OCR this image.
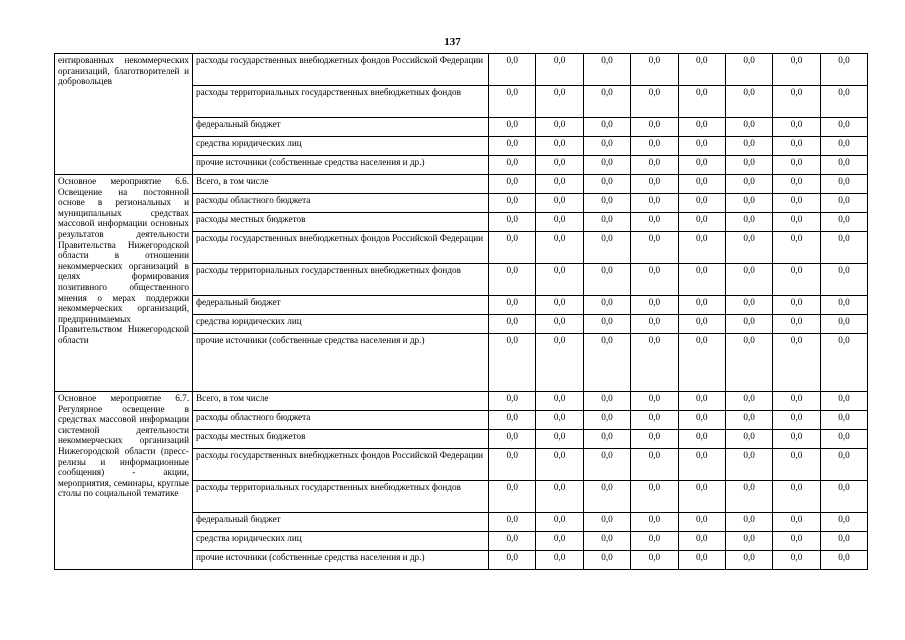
137
ентированных некоммерческих организаций, благотворителей и добровольцев	расходы государственных внебюджетных фондов Российской Федерации	0,0	0,0	0,0	0,0	0,0	0,0	0,0	0,0
	расходы территориальных государственных внебюджетных фондов	0,0	0,0	0,0	0,0	0,0	0,0	0,0	0,0
	федеральный бюджет	0,0	0,0	0,0	0,0	0,0	0,0	0,0	0,0
	средства юридических лиц	0,0	0,0	0,0	0,0	0,0	0,0	0,0	0,0
	прочие источники (собственные средства населения и др.)	0,0	0,0	0,0	0,0	0,0	0,0	0,0	0,0
Основное мероприятие 6.6. Освещение на постоянной основе в региональных и муниципальных средствах массовой информации основных результатов деятельности Правительства Нижегородской области в отношении некоммерческих организаций в целях формирования позитивного общественного мнения о мерах поддержки некоммерческих организаций, предпринимаемых Правительством Нижегородской области	Всего, в том числе	0,0	0,0	0,0	0,0	0,0	0,0	0,0	0,0
	расходы областного бюджета	0,0	0,0	0,0	0,0	0,0	0,0	0,0	0,0
	расходы местных бюджетов	0,0	0,0	0,0	0,0	0,0	0,0	0,0	0,0
	расходы государственных внебюджетных фондов Российской Федерации	0,0	0,0	0,0	0,0	0,0	0,0	0,0	0,0
	расходы территориальных государственных внебюджетных фондов	0,0	0,0	0,0	0,0	0,0	0,0	0,0	0,0
	федеральный бюджет	0,0	0,0	0,0	0,0	0,0	0,0	0,0	0,0
	средства юридических лиц	0,0	0,0	0,0	0,0	0,0	0,0	0,0	0,0
	прочие источники (собственные средства населения и др.)	0,0	0,0	0,0	0,0	0,0	0,0	0,0	0,0
Основное мероприятие 6.7. Регулярное освещение в средствах массовой информации системной деятельности некоммерческих организаций Нижегородской области (пресс-релизы и информационные сообщения) - акции, мероприятия, семинары, круглые столы по социальной тематике	Всего, в том числе	0,0	0,0	0,0	0,0	0,0	0,0	0,0	0,0
	расходы областного бюджета	0,0	0,0	0,0	0,0	0,0	0,0	0,0	0,0
	расходы местных бюджетов	0,0	0,0	0,0	0,0	0,0	0,0	0,0	0,0
	расходы государственных внебюджетных фондов Российской Федерации	0,0	0,0	0,0	0,0	0,0	0,0	0,0	0,0
	расходы территориальных государственных внебюджетных фондов	0,0	0,0	0,0	0,0	0,0	0,0	0,0	0,0
	федеральный бюджет	0,0	0,0	0,0	0,0	0,0	0,0	0,0	0,0
	средства юридических лиц	0,0	0,0	0,0	0,0	0,0	0,0	0,0	0,0
	прочие источники (собственные средства населения и др.)	0,0	0,0	0,0	0,0	0,0	0,0	0,0	0,0
